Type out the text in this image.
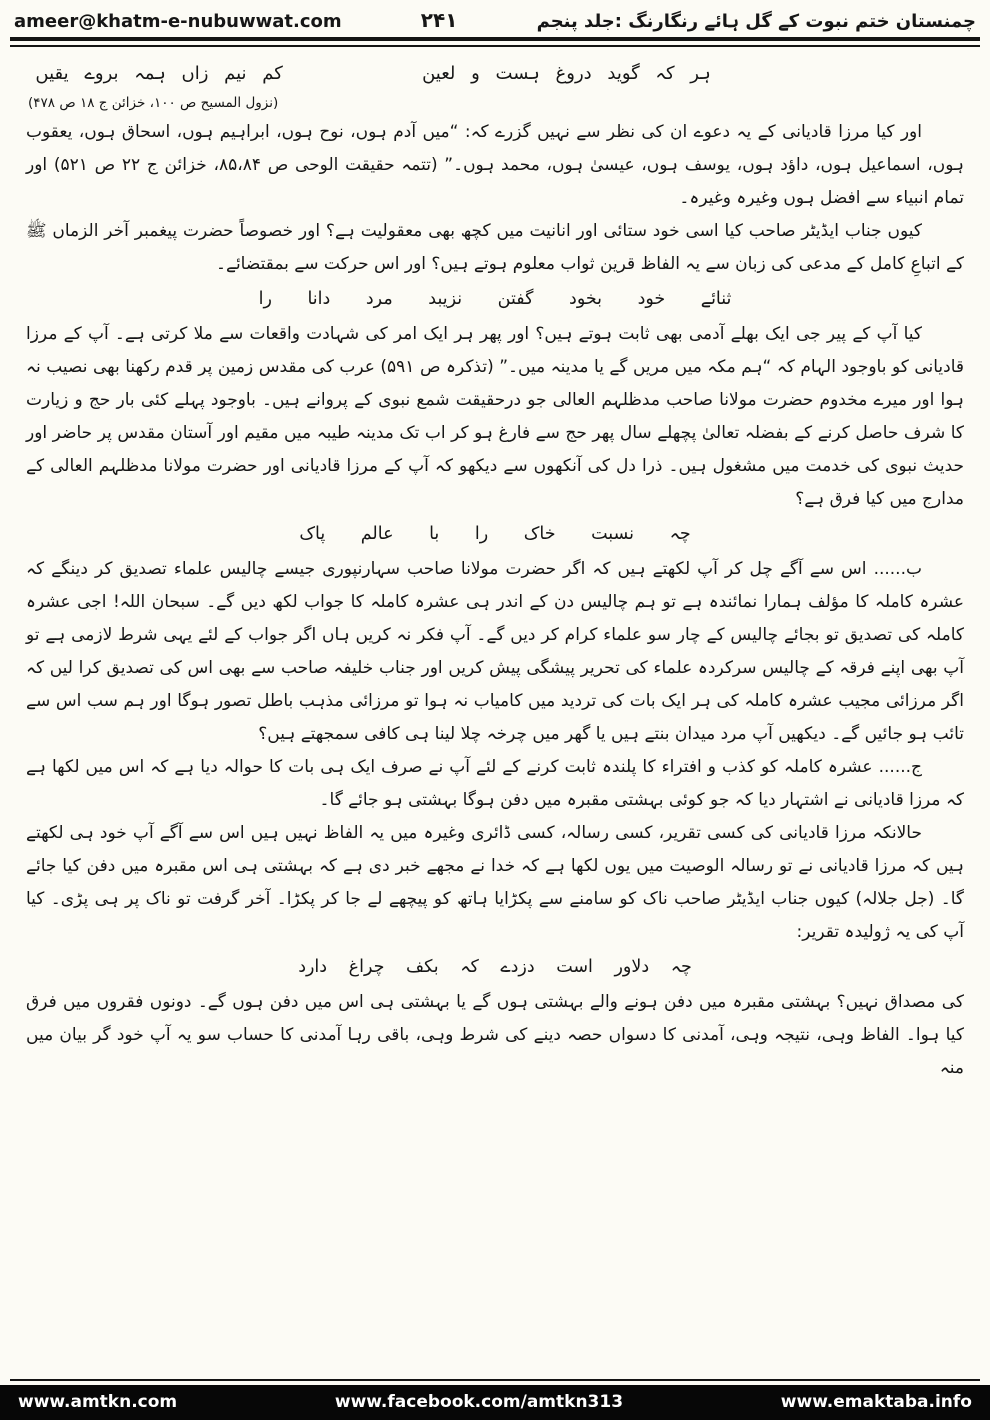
چمنستان ختم نبوت کے گل ہائے رنگارنگ :جلد پنجم
۲۴۱
ameer@khatm-e-nubuwwat.com
ہر کہ گوید دروغ ہست و لعین
کم نیم زاں ہمہ بروے یقیں
(نزول المسیح ص ۱۰۰، خزائن ج ۱۸ ص ۴۷۸)

اور کیا مرزا قادیانی کے یہ دعوے ان کی نظر سے نہیں گزرے کہ: “میں آدم ہوں، نوح ہوں، ابراہیم ہوں، اسحاق ہوں، یعقوب ہوں، اسماعیل ہوں، داؤد ہوں، یوسف ہوں، عیسیٰ ہوں، محمد ہوں۔” (تتمہ حقیقت الوحی ص ۸۵،۸۴، خزائن ج ۲۲ ص ۵۲۱) اور تمام انبیاء سے افضل ہوں وغیرہ وغیرہ۔

کیوں جناب ایڈیٹر صاحب کیا اسی خود ستائی اور انانیت میں کچھ بھی معقولیت ہے؟ اور خصوصاً حضرت پیغمبر آخر الزماں ﷺ کے اتباعِ کامل کے مدعی کی زبان سے یہ الفاظ قرین ثواب معلوم ہوتے ہیں؟ اور اس حرکت سے بمقتضائے۔

ثنائے خود بخود گفتن نزیبد مرد دانا را

کیا آپ کے پیر جی ایک بھلے آدمی بھی ثابت ہوتے ہیں؟ اور پھر ہر ایک امر کی شہادت واقعات سے ملا کرتی ہے۔ آپ کے مرزا قادیانی کو باوجود الہام کہ “ہم مکہ میں مریں گے یا مدینہ میں۔” (تذکرہ ص ۵۹۱) عرب کی مقدس زمین پر قدم رکھنا بھی نصیب نہ ہوا اور میرے مخدوم حضرت مولانا صاحب مدظلہم العالی جو درحقیقت شمع نبوی کے پروانے ہیں۔ باوجود پہلے کئی بار حج و زیارت کا شرف حاصل کرنے کے بفضلہ تعالیٰ پچھلے سال پھر حج سے فارغ ہو کر اب تک مدینہ طیبہ میں مقیم اور آستان مقدس پر حاضر اور حدیث نبوی کی خدمت میں مشغول ہیں۔ ذرا دل کی آنکھوں سے دیکھو کہ آپ کے مرزا قادیانی اور حضرت مولانا مدظلہم العالی کے مدارج میں کیا فرق ہے؟

چہ نسبت خاک را با عالم پاک

ب...... اس سے آگے چل کر آپ لکھتے ہیں کہ اگر حضرت مولانا صاحب سہارنپوری جیسے چالیس علماء تصدیق کر دینگے کہ عشرہ کاملہ کا مؤلف ہمارا نمائندہ ہے تو ہم چالیس دن کے اندر ہی عشرہ کاملہ کا جواب لکھ دیں گے۔ سبحان اللہ! اجی عشرہ کاملہ کی تصدیق تو بجائے چالیس کے چار سو علماء کرام کر دیں گے۔ آپ فکر نہ کریں ہاں اگر جواب کے لئے یہی شرط لازمی ہے تو آپ بھی اپنے فرقہ کے چالیس سرکردہ علماء کی تحریر پیشگی پیش کریں اور جناب خلیفہ صاحب سے بھی اس کی تصدیق کرا لیں کہ اگر مرزائی مجیب عشرہ کاملہ کی ہر ایک بات کی تردید میں کامیاب نہ ہوا تو مرزائی مذہب باطل تصور ہوگا اور ہم سب اس سے تائب ہو جائیں گے۔ دیکھیں آپ مرد میدان بنتے ہیں یا گھر میں چرخہ چلا لینا ہی کافی سمجھتے ہیں؟

ج...... عشرہ کاملہ کو کذب و افتراء کا پلندہ ثابت کرنے کے لئے آپ نے صرف ایک ہی بات کا حوالہ دیا ہے کہ اس میں لکھا ہے کہ مرزا قادیانی نے اشتہار دیا کہ جو کوئی بہشتی مقبرہ میں دفن ہوگا بہشتی ہو جائے گا۔

حالانکہ مرزا قادیانی کی کسی تقریر، کسی رسالہ، کسی ڈائری وغیرہ میں یہ الفاظ نہیں ہیں اس سے آگے آپ خود ہی لکھتے ہیں کہ مرزا قادیانی نے تو رسالہ الوصیت میں یوں لکھا ہے کہ خدا نے مجھے خبر دی ہے کہ بہشتی ہی اس مقبرہ میں دفن کیا جائے گا۔ (جل جلالہ) کیوں جناب ایڈیٹر صاحب ناک کو سامنے سے پکڑایا ہاتھ کو پیچھے لے جا کر پکڑا۔ آخر گرفت تو ناک پر ہی پڑی۔ کیا آپ کی یہ ژولیدہ تقریر:

چہ دلاور است دزدے کہ بکف چراغ دارد

کی مصداق نہیں؟ بہشتی مقبرہ میں دفن ہونے والے بہشتی ہوں گے یا بہشتی ہی اس میں دفن ہوں گے۔ دونوں فقروں میں فرق کیا ہوا۔ الفاظ وہی، نتیجہ وہی، آمدنی کا دسواں حصہ دینے کی شرط وہی، باقی رہا آمدنی کا حساب سو یہ آپ خود گر بیان میں منہ

www.amtkn.com	www.facebook.com/amtkn313	www.emaktaba.info
